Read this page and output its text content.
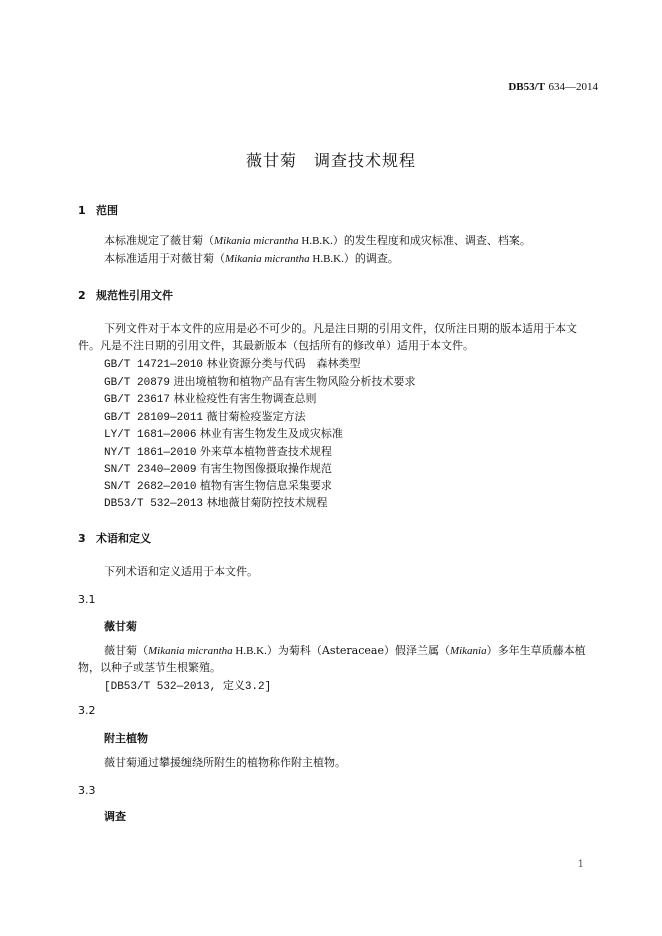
DB53/T 634—2014
薇甘菊　调查技术规程
1 范围
本标准规定了薇甘菊（Mikania micrantha H.B.K.）的发生程度和成灾标准、调查、档案。
本标准适用于对薇甘菊（Mikania micrantha H.B.K.）的调查。
2 规范性引用文件
下列文件对于本文件的应用是必不可少的。凡是注日期的引用文件，仅所注日期的版本适用于本文
件。凡是不注日期的引用文件，其最新版本（包括所有的修改单）适用于本文件。
GB/T 14721—2010 林业资源分类与代码　森林类型
GB/T 20879 进出境植物和植物产品有害生物风险分析技术要求
GB/T 23617 林业检疫性有害生物调查总则
GB/T 28109—2011 薇甘菊检疫鉴定方法
LY/T 1681—2006 林业有害生物发生及成灾标准
NY/T 1861—2010 外来草本植物普查技术规程
SN/T 2340—2009 有害生物图像摄取操作规范
SN/T 2682—2010 植物有害生物信息采集要求
DB53/T 532—2013 林地薇甘菊防控技术规程
3 术语和定义
下列术语和定义适用于本文件。
3.1
薇甘菊
薇甘菊（Mikania micrantha H.B.K.）为菊科（Asteraceae）假泽兰属（Mikania）多年生草质藤本植
物，以种子或茎节生根繁殖。
[DB53/T 532—2013, 定义3.2]
3.2
附主植物
薇甘菊通过攀援缠绕所附生的植物称作附主植物。
3.3
调查
1
